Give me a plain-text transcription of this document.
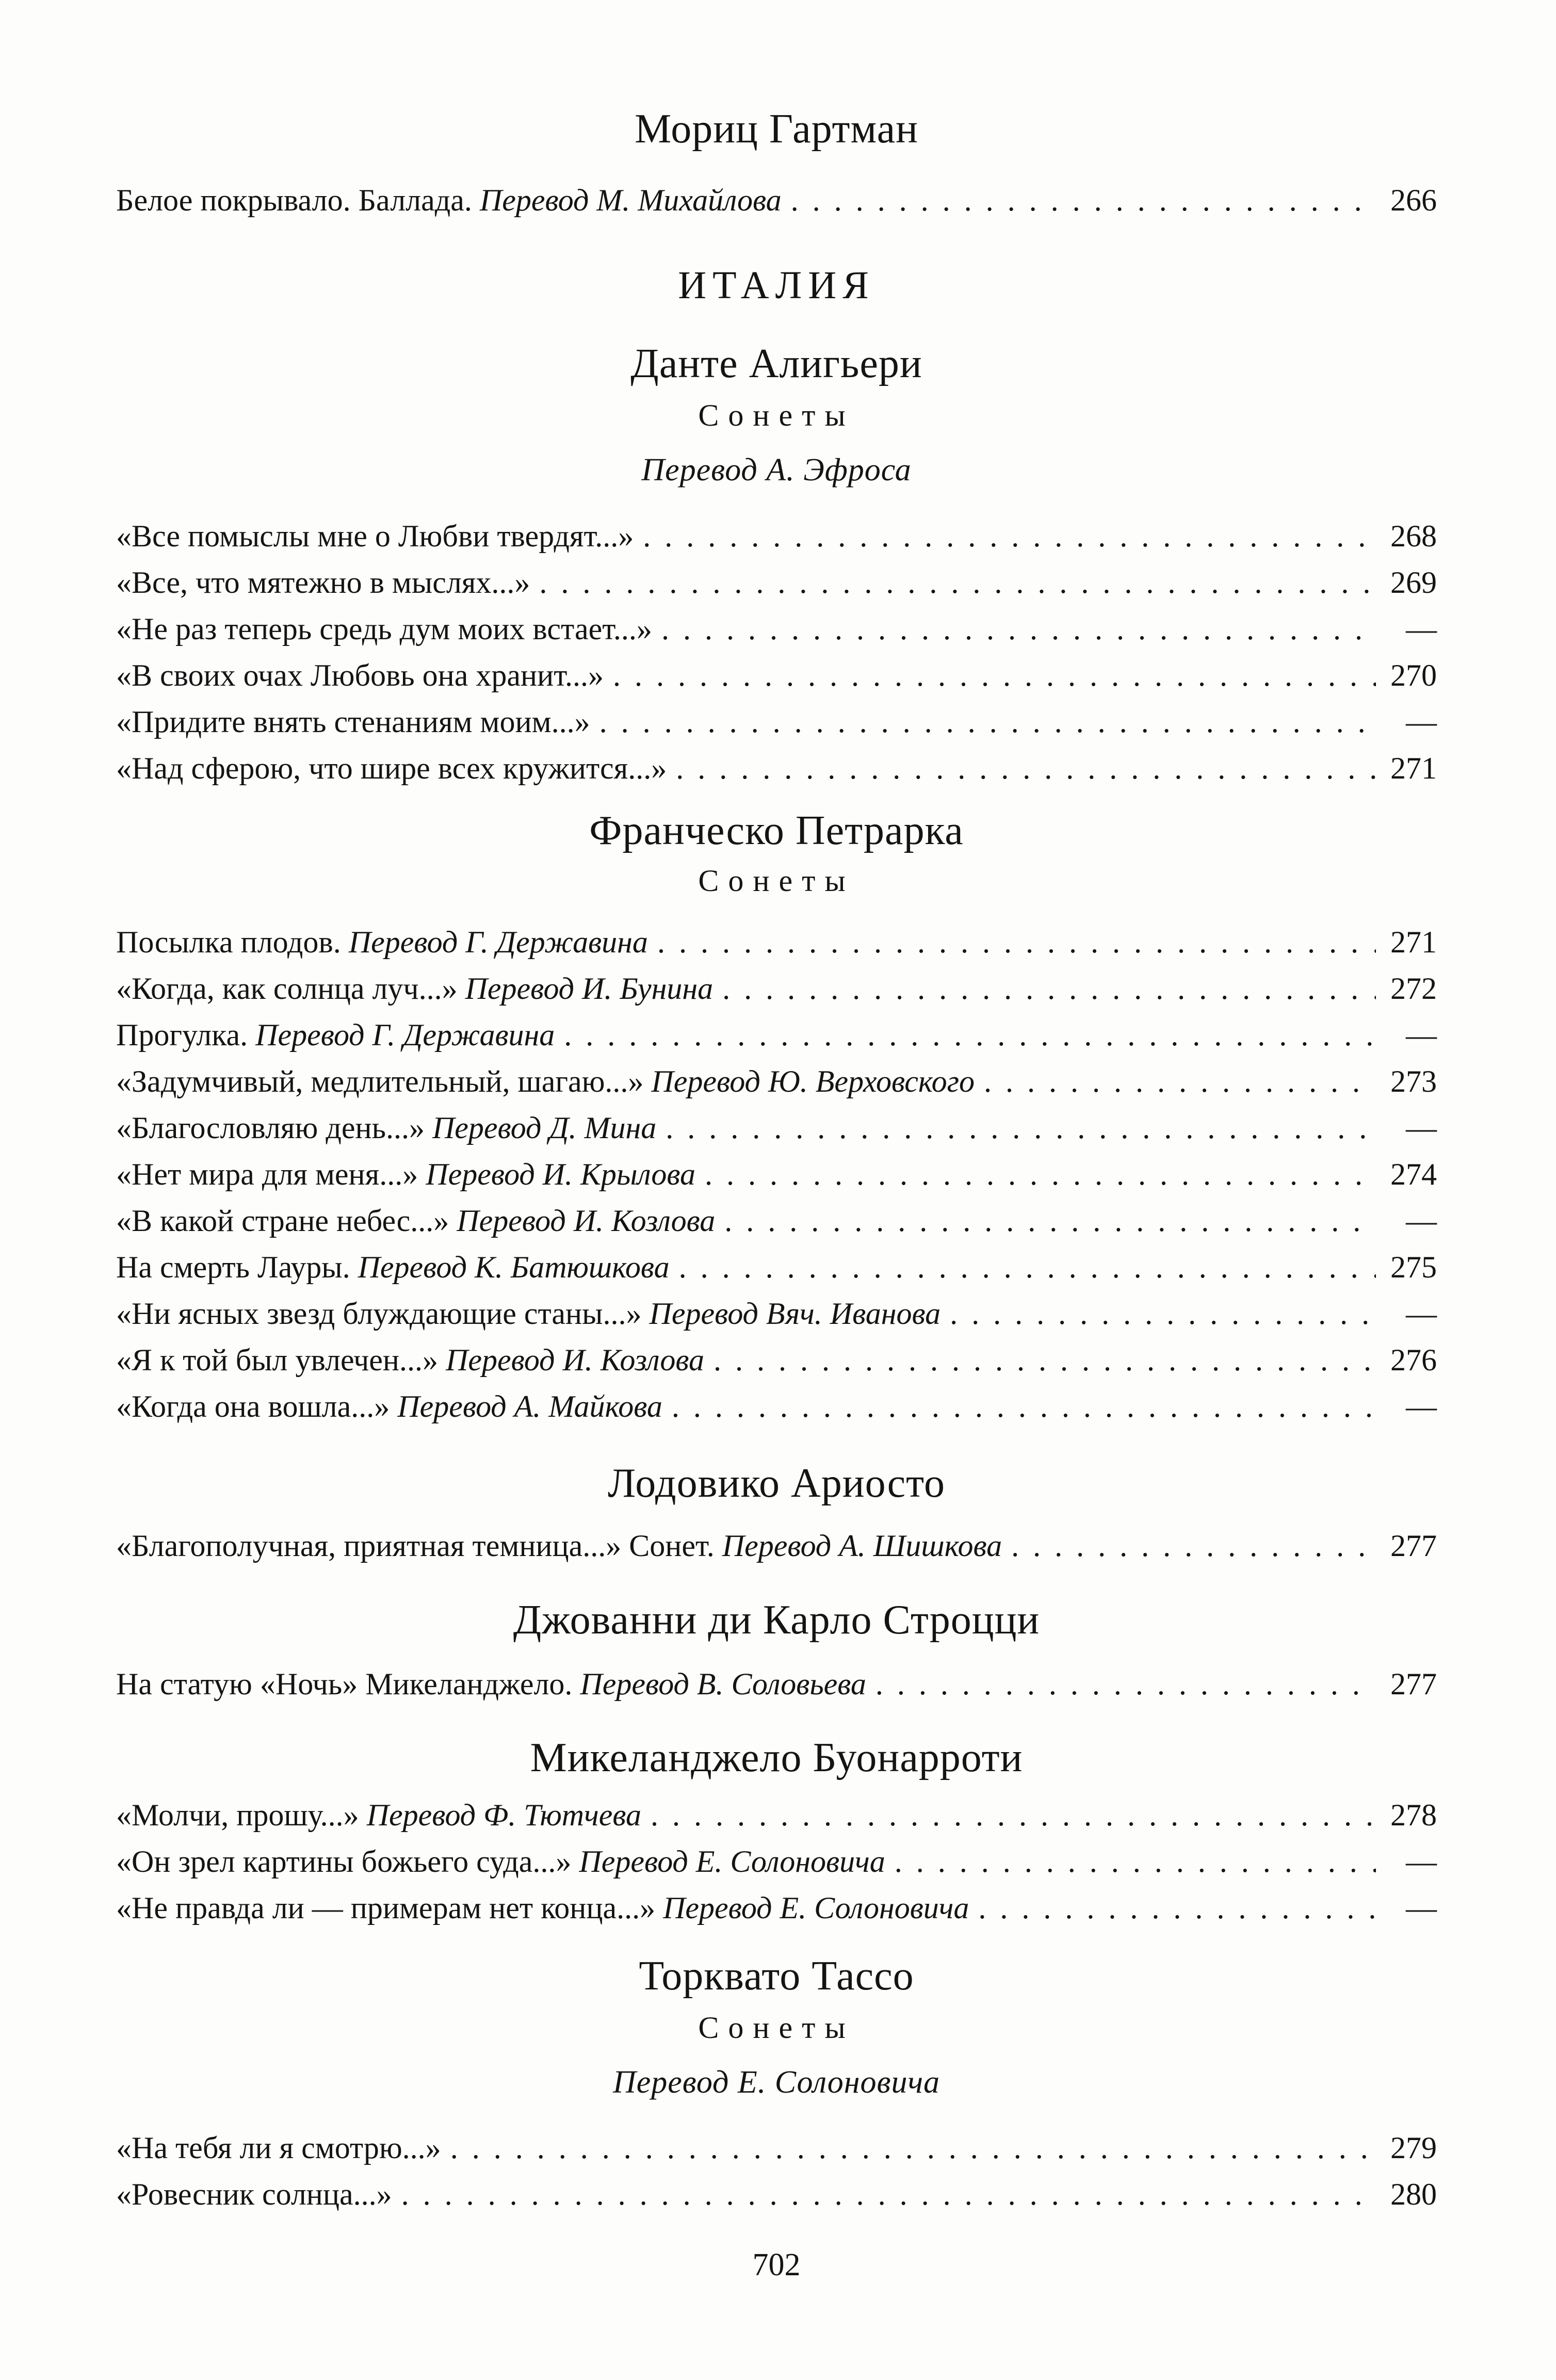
Мориц Гартман
Белое покрывало. Баллада. Перевод М. Михайлова . . .	266
ИТАЛИЯ
Данте Алигьери
Сонеты
Перевод А. Эфроса
«Все помыслы мне о Любви твердят...» . . .	268
«Все, что мятежно в мыслях...» . . .	269
«Не раз теперь средь дум моих встает...» . . .	—
«В своих очах Любовь она хранит...» . . .	270
«Придите внять стенаниям моим...» . . .	—
«Над сферою, что шире всех кружится...» . . .	271
Франческо Петрарка
Сонеты
Посылка плодов. Перевод Г. Державина . . .	271
«Когда, как солнца луч...» Перевод И. Бунина . . .	272
Прогулка. Перевод Г. Державина . . .	—
«Задумчивый, медлительный, шагаю...» Перевод Ю. Верховского . . .	273
«Благословляю день...» Перевод Д. Мина . . .	—
«Нет мира для меня...» Перевод И. Крылова . . .	274
«В какой стране небес...» Перевод И. Козлова . . .	—
На смерть Лауры. Перевод К. Батюшкова . . .	275
«Ни ясных звезд блуждающие станы...» Перевод Вяч. Иванова . . .	—
«Я к той был увлечен...» Перевод И. Козлова . . .	276
«Когда она вошла...» Перевод А. Майкова . . .	—
Лодовико Ариосто
«Благополучная, приятная темница...» Сонет. Перевод А. Шишкова . . .	277
Джованни ди Карло Строцци
На статую «Ночь» Микеланджело. Перевод В. Соловьева . . .	277
Микеланджело Буонарроти
«Молчи, прошу...» Перевод Ф. Тютчева . . .	278
«Он зрел картины божьего суда...» Перевод Е. Солоновича . . .	—
«Не правда ли — примерам нет конца...» Перевод Е. Солоновича . . .	—
Торквато Тассо
Сонеты
Перевод Е. Солоновича
«На тебя ли я смотрю...» . . .	279
«Ровесник солнца...» . . .	280
702
